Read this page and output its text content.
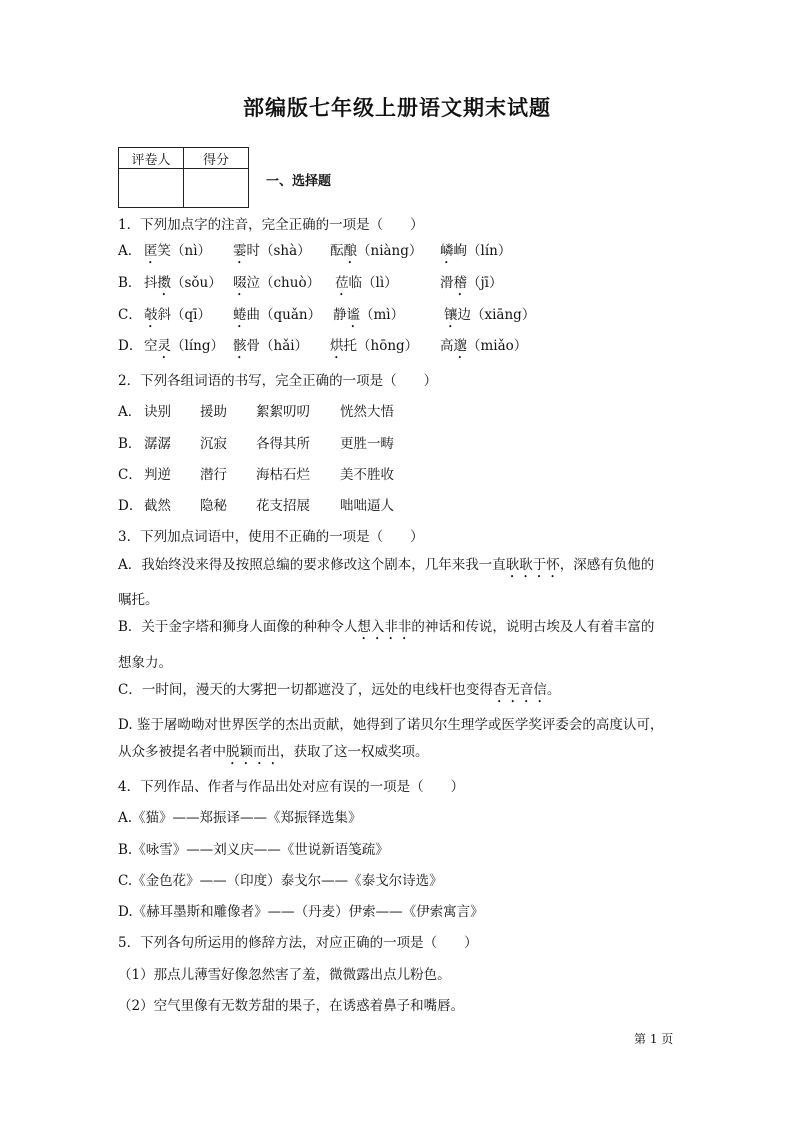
部编版七年级上册语文期末试题
评卷人	得分

一、选择题
1．下列加点字的注音，完全正确的一项是（　　）
A． 匿笑（nì） 霎时（shà） 酝酿（niàng） 嶙峋（lín）
B． 抖擞（sǒu） 啜泣（chuò） 莅临（lì）	滑稽（jī）
C． 攲斜（qī） 蜷曲（quǎn） 静谧（mì）	镶边（xiāng）
D． 空灵（líng） 骸骨（hǎi） 烘托（hōng） 高邈（miǎo）
2．下列各组词语的书写，完全正确的一项是（　　）
A． 诀别 援助 絮絮叨叨 恍然大悟
B． 潺潺 沉寂 各得其所 更胜一畴
C． 判逆 潜行 海枯石烂 美不胜收
D． 截然 隐秘 花支招展 咄咄逼人
3．下列加点词语中，使用不正确的一项是（　　）
A．我始终没来得及按照总编的要求修改这个剧本，几年来我一直耿耿于怀，深感有负他的
嘱托。
B．关于金字塔和狮身人面像的种种令人想入非非的神话和传说，说明古埃及人有着丰富的
想象力。
C．一时间，漫天的大雾把一切都遮没了，远处的电线杆也变得杳无音信。
D. 鉴于屠呦呦对世界医学的杰出贡献，她得到了诺贝尔生理学或医学奖评委会的高度认可，
从众多被提名者中脱颖而出，获取了这一权威奖项。
4．下列作品、作者与作品出处对应有误的一项是（　　）
A.《猫》——郑振译——《郑振铎选集》
B.《咏雪》——刘义庆——《世说新语笺疏》
C.《金色花》——（印度）泰戈尔——《泰戈尔诗选》
D.《赫耳墨斯和雕像者》——（丹麦）伊索——《伊索寓言》
5．下列各句所运用的修辞方法，对应正确的一项是（　　）
（1）那点儿薄雪好像忽然害了羞，微微露出点儿粉色。
（2）空气里像有无数芳甜的果子，在诱惑着鼻子和嘴唇。
第 1 页
